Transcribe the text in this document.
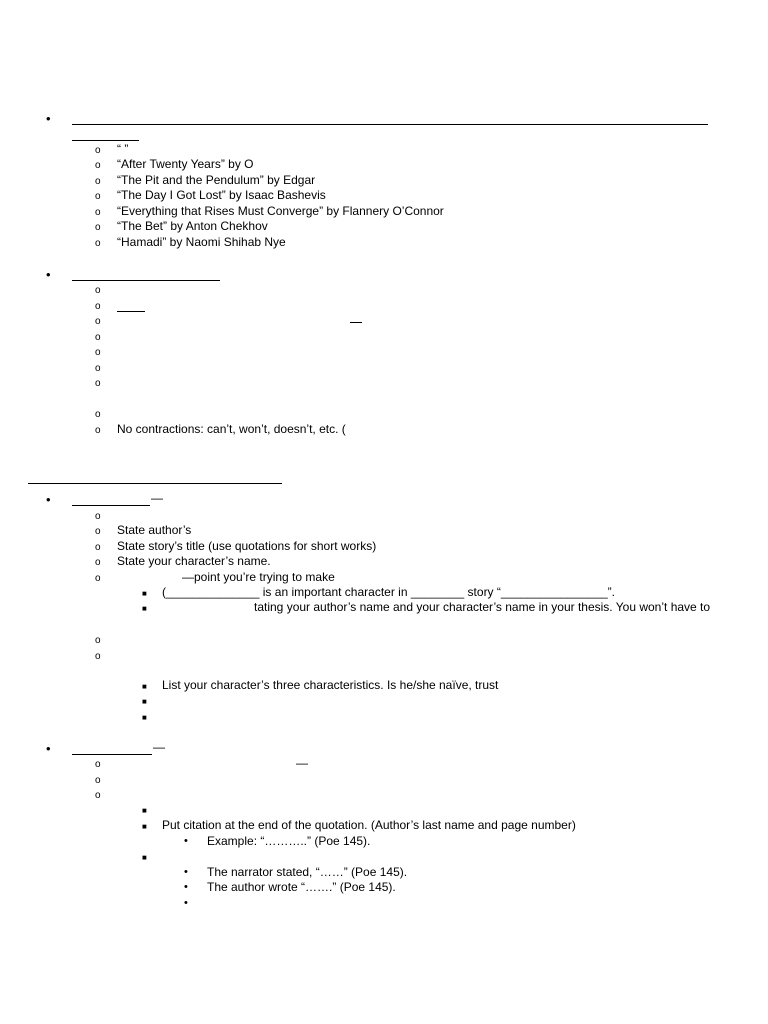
•
o “ ”
o “After Twenty Years” by O
o “The Pit and the Pendulum” by Edgar
o “The Day I Got Lost” by Isaac Bashevis
o “Everything that Rises Must Converge” by Flannery O’Connor
o “The Bet” by Anton Chekhov
o “Hamadi” by Naomi Shihab Nye
•
o
o
o
o
o
o
o
o
o No contractions: can’t, won’t, doesn’t, etc. (
•	—
o
o State author’s
o State story’s title (use quotations for short works)
o State your character’s name.
o	—point you’re trying to make
■ (______________ is an important character in ________ story “________________”.
■	tating your author’s name and your character’s name in your thesis. You won’t have to
o
o
■ List your character’s three characteristics. Is he/she naïve, trust
■
■
•	—
o	—
o
o
■
■ Put citation at the end of the quotation. (Author’s last name and page number)
• Example: “………..” (Poe 145).
■
• The narrator stated, “……” (Poe 145).
• The author wrote “…….” (Poe 145).
•
